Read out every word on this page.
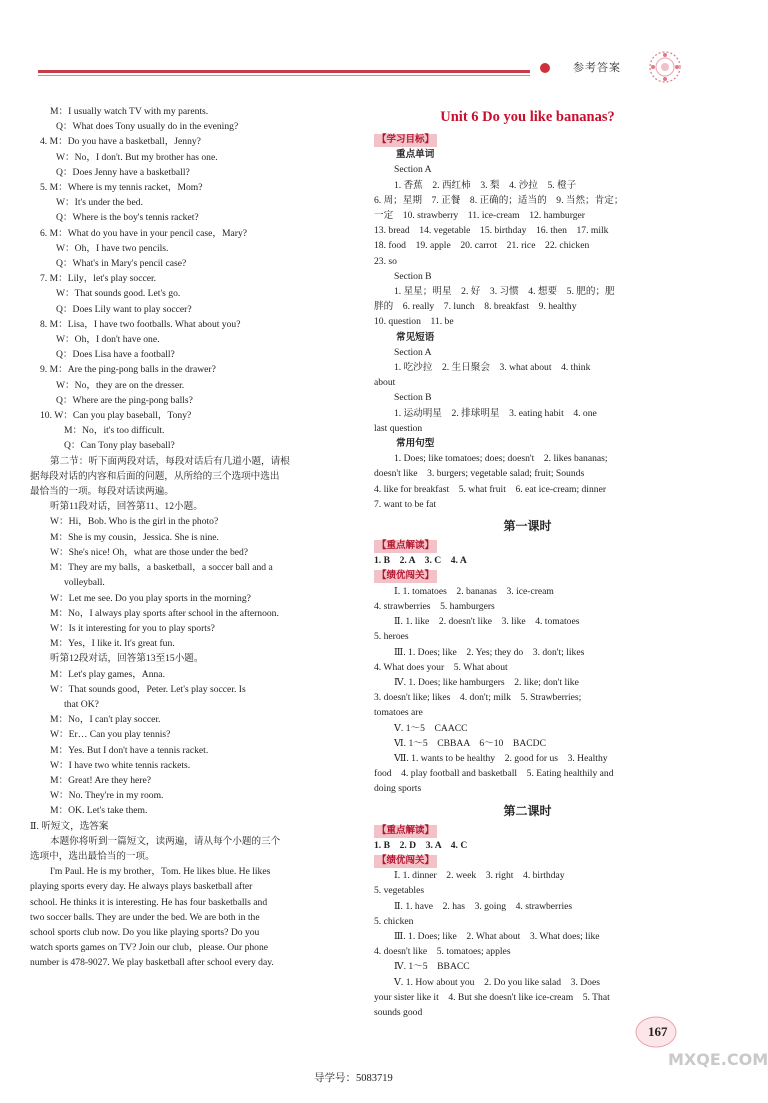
参考答案
M：I usually watch TV with my parents.
Q：What does Tony usually do in the evening?
4. M：Do you have a basketball，Jenny?
W：No，I don't. But my brother has one.
Q：Does Jenny have a basketball?
5. M：Where is my tennis racket，Mom?
W：It's under the bed.
Q：Where is the boy's tennis racket?
6. M：What do you have in your pencil case，Mary?
W：Oh，I have two pencils.
Q：What's in Mary's pencil case?
7. M：Lily，let's play soccer.
W：That sounds good. Let's go.
Q：Does Lily want to play soccer?
8. M：Lisa，I have two footballs. What about you?
W：Oh，I don't have one.
Q：Does Lisa have a football?
9. M：Are the ping-pong balls in the drawer?
W：No，they are on the dresser.
Q：Where are the ping-pong balls?
10. W：Can you play baseball，Tony?
M：No，it's too difficult.
Q：Can Tony play baseball?
第二节：听下面两段对话，每段对话后有几道小题，请根
据每段对话的内容和后面的问题，从所给的三个选项中选出
最恰当的一项。每段对话读两遍。
听第11段对话，回答第11、12小题。
W：Hi，Bob. Who is the girl in the photo?
M：She is my cousin，Jessica. She is nine.
W：She's nice! Oh，what are those under the bed?
M：They are my balls，a basketball，a soccer ball and a
volleyball.
W：Let me see. Do you play sports in the morning?
M：No，I always play sports after school in the afternoon.
W：Is it interesting for you to play sports?
M：Yes，I like it. It's great fun.
听第12段对话，回答第13至15小题。
M：Let's play games，Anna.
W：That sounds good，Peter. Let's play soccer. Is
that OK?
M：No，I can't play soccer.
W：Er… Can you play tennis?
M：Yes. But I don't have a tennis racket.
W：I have two white tennis rackets.
M：Great! Are they here?
W：No. They're in my room.
M：OK. Let's take them.
Ⅱ. 听短文，选答案
本题你将听到一篇短文，读两遍，请从每个小题的三个
选项中，选出最恰当的一项。
I'm Paul. He is my brother，Tom. He likes blue. He likes
playing sports every day. He always plays basketball after
school. He thinks it is interesting. He has four basketballs and
two soccer balls. They are under the bed. We are both in the
school sports club now. Do you like playing sports? Do you
watch sports games on TV? Join our club，please. Our phone
number is 478-9027. We play basketball after school every day.
Unit 6 Do you like bananas?
【学习目标】
重点单词
Section A
1. 香蕉　2. 西红柿　3. 梨　4. 沙拉　5. 橙子
6. 周；星期　7. 正餐　8. 正确的；适当的　9. 当然；肯定；
一定　10. strawberry　11. ice-cream　12. hamburger
13. bread　14. vegetable　15. birthday　16. then　17. milk
18. food　19. apple　20. carrot　21. rice　22. chicken
23. so
Section B
1. 星星；明星　2. 好　3. 习惯　4. 想要　5. 肥的；肥
胖的　6. really　7. lunch　8. breakfast　9. healthy
10. question　11. be
常见短语
Section A
1. 吃沙拉　2. 生日聚会　3. what about　4. think
about
Section B
1. 运动明星　2. 排球明星　3. eating habit　4. one
last question
常用句型
1. Does; like tomatoes; does; doesn't　2. likes bananas;
doesn't like　3. burgers; vegetable salad; fruit; Sounds
4. like for breakfast　5. what fruit　6. eat ice-cream; dinner
7. want to be fat
第一课时
【重点解读】
1. B　2. A　3. C　4. A
【绩优闯关】
Ⅰ. 1. tomatoes　2. bananas　3. ice-cream
4. strawberries　5. hamburgers
Ⅱ. 1. like　2. doesn't like　3. like　4. tomatoes
5. heroes
Ⅲ. 1. Does; like　2. Yes; they do　3. don't; likes
4. What does your　5. What about
Ⅳ. 1. Does; like hamburgers　2. like; don't like
3. doesn't like; likes　4. don't; milk　5. Strawberries;
tomatoes are
Ⅴ. 1～5　CAACC
Ⅵ. 1～5　CBBAA　6～10　BACDC
Ⅶ. 1. wants to be healthy　2. good for us　3. Healthy
food　4. play football and basketball　5. Eating healthily and
doing sports
第二课时
【重点解读】
1. B　2. D　3. A　4. C
【绩优闯关】
Ⅰ. 1. dinner　2. week　3. right　4. birthday
5. vegetables
Ⅱ. 1. have　2. has　3. going　4. strawberries
5. chicken
Ⅲ. 1. Does; like　2. What about　3. What does; like
4. doesn't like　5. tomatoes; apples
Ⅳ. 1～5　BBACC
Ⅴ. 1. How about you　2. Do you like salad　3. Does
your sister like it　4. But she doesn't like ice-cream　5. That
sounds good
167
导学号：5083719
MXQE.COM
